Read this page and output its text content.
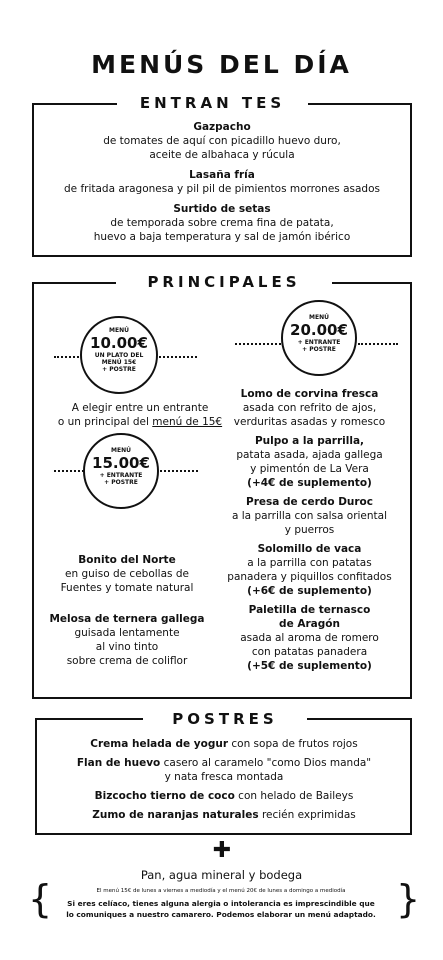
MENÚS DEL DÍA
ENTRAN TES
Gazpacho
de tomates de aquí con picadillo huevo duro,
aceite de albahaca y rúcula
Lasaña fría
de fritada aragonesa y pil pil de pimientos morrones asados
Surtido de setas
de temporada sobre crema fina de patata,
huevo a baja temperatura y sal de jamón ibérico
PRINCIPALES
MENÚ
10.00€
UN PLATO DEL
MENÚ 15€
+ POSTRE
A elegir entre un entrante
o un principal del menú de 15€
MENÚ
15.00€
+ ENTRANTE
+ POSTRE
MENÚ
20.00€
+ ENTRANTE
+ POSTRE
Bonito del Norte
en guiso de cebollas de
Fuentes y tomate natural
Melosa de ternera gallega
guisada lentamente
al vino tinto
sobre crema de coliflor
Lomo de corvina fresca
asada con refrito de ajos,
verduritas asadas y romesco
Pulpo a la parrilla,
patata asada, ajada gallega
y pimentón de La Vera
(+4€ de suplemento)
Presa de cerdo Duroc
a la parrilla con salsa oriental
y puerros
Solomillo de vaca
a la parrilla con patatas
panadera y piquillos confitados
(+6€ de suplemento)
Paletilla de ternasco
de Aragón
asada al aroma de romero
con patatas panadera
(+5€ de suplemento)
POSTRES
Crema helada de yogur con sopa de frutos rojos
Flan de huevo casero al caramelo "como Dios manda"
y nata fresca montada
Bizcocho tierno de coco con helado de Baileys
Zumo de naranjas naturales recién exprimidas
✚
Pan, agua mineral y bodega
{	}
El menú 15€ de lunes a viernes a mediodía y el menú 20€ de lunes a domingo a mediodía
Si eres celíaco, tienes alguna alergia o intolerancia es imprescindible que
lo comuniques a nuestro camarero. Podemos elaborar un menú adaptado.
